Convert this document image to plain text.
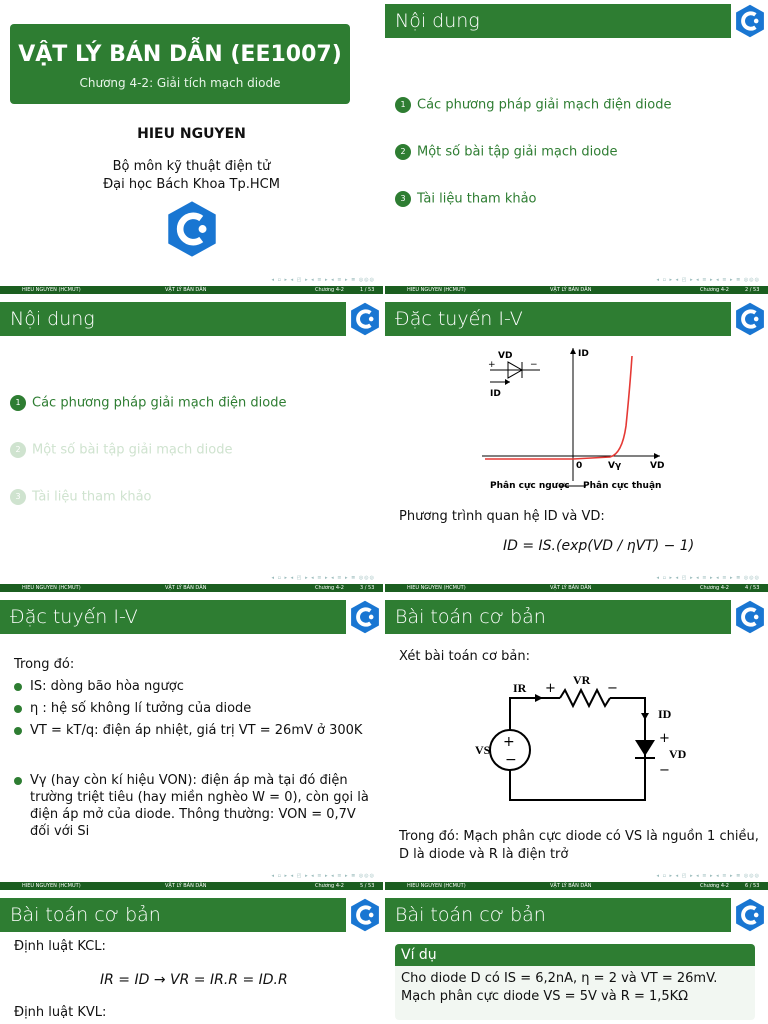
VẬT LÝ BÁN DẪN (EE1007)
Chương 4-2: Giải tích mạch diode
HIEU NGUYEN
Bộ môn kỹ thuật điện tử
Đại học Bách Khoa Tp.HCM
◂ ▫ ▸ ◂ ◰ ▸ ◂ ≡ ▸ ◂ ≡ ▸ ≣ ◎◎◎
HIEU NGUYEN (HCMUT)	VẬT LÝ BÁN DẪN	Chương 4-2	1 / 53
Nội dung
1 Các phương pháp giải mạch điện diode
2 Một số bài tập giải mạch diode
3 Tài liệu tham khảo
◂ ▫ ▸ ◂ ◰ ▸ ◂ ≡ ▸ ◂ ≡ ▸ ≣ ◎◎◎
HIEU NGUYEN (HCMUT)	VẬT LÝ BÁN DẪN	Chương 4-2	2 / 53
Nội dung
1 Các phương pháp giải mạch điện diode
2 Một số bài tập giải mạch diode
3 Tài liệu tham khảo
◂ ▫ ▸ ◂ ◰ ▸ ◂ ≡ ▸ ◂ ≡ ▸ ≣ ◎◎◎
HIEU NGUYEN (HCMUT)	VẬT LÝ BÁN DẪN	Chương 4-2	3 / 53
Đặc tuyến I-V
VD
+	−
ID
ID
VD
0	Vγ
Phân cực ngược Phân cực thuận
Phương trình quan hệ ID và VD:
ID = IS.(exp(VD / ηVT) − 1)
◂ ▫ ▸ ◂ ◰ ▸ ◂ ≡ ▸ ◂ ≡ ▸ ≣ ◎◎◎
HIEU NGUYEN (HCMUT)	VẬT LÝ BÁN DẪN	Chương 4-2	4 / 53
Đặc tuyến I-V
Trong đó:
IS: dòng bão hòa ngược
η : hệ số không lí tưởng của diode
VT = kT/q: điện áp nhiệt, giá trị VT = 26mV ở 300K
Vγ (hay còn kí hiệu VON): điện áp mà tại đó điện trường triệt tiêu (hay miền nghèo W = 0), còn gọi là điện áp mở của diode. Thông thường: VON = 0,7V đối với Si
◂ ▫ ▸ ◂ ◰ ▸ ◂ ≡ ▸ ◂ ≡ ▸ ≣ ◎◎◎
HIEU NGUYEN (HCMUT)	VẬT LÝ BÁN DẪN	Chương 4-2	5 / 53
Bài toán cơ bản
Xét bài toán cơ bản:
+
−
VS
IR +
VR
−
ID
+
VD
−
Trong đó: Mạch phân cực diode có VS là nguồn 1 chiều, D là diode và R là điện trở
◂ ▫ ▸ ◂ ◰ ▸ ◂ ≡ ▸ ◂ ≡ ▸ ≣ ◎◎◎
HIEU NGUYEN (HCMUT)	VẬT LÝ BÁN DẪN	Chương 4-2	6 / 53
Bài toán cơ bản
Định luật KCL:
IR = ID → VR = IR.R = ID.R
Định luật KVL:
Bài toán cơ bản
Ví dụ
Cho diode D có IS = 6,2nA, η = 2 và VT = 26mV.
Mạch phân cực diode VS = 5V và R = 1,5KΩ
